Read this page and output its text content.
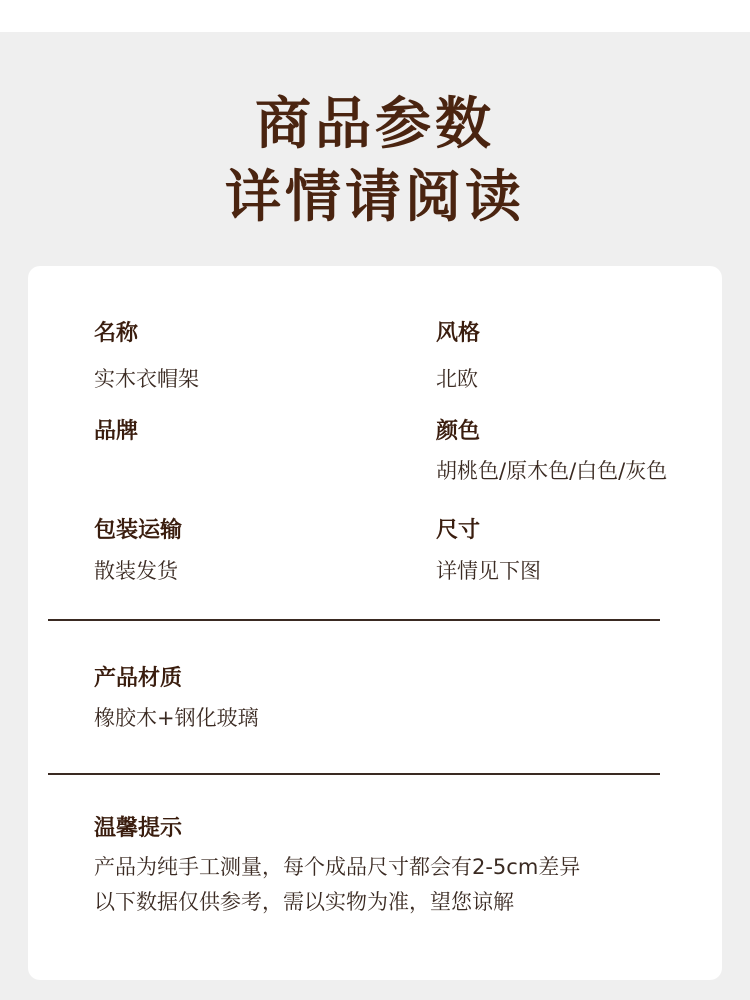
商品参数
详情请阅读
名称
实木衣帽架
风格
北欧
品牌	颜色
胡桃色/原木色/白色/灰色
包装运输
散装发货
尺寸
详情见下图
产品材质
橡胶木+钢化玻璃
温馨提示
产品为纯手工测量，每个成品尺寸都会有2-5cm差异
以下数据仅供参考，需以实物为准，望您谅解
